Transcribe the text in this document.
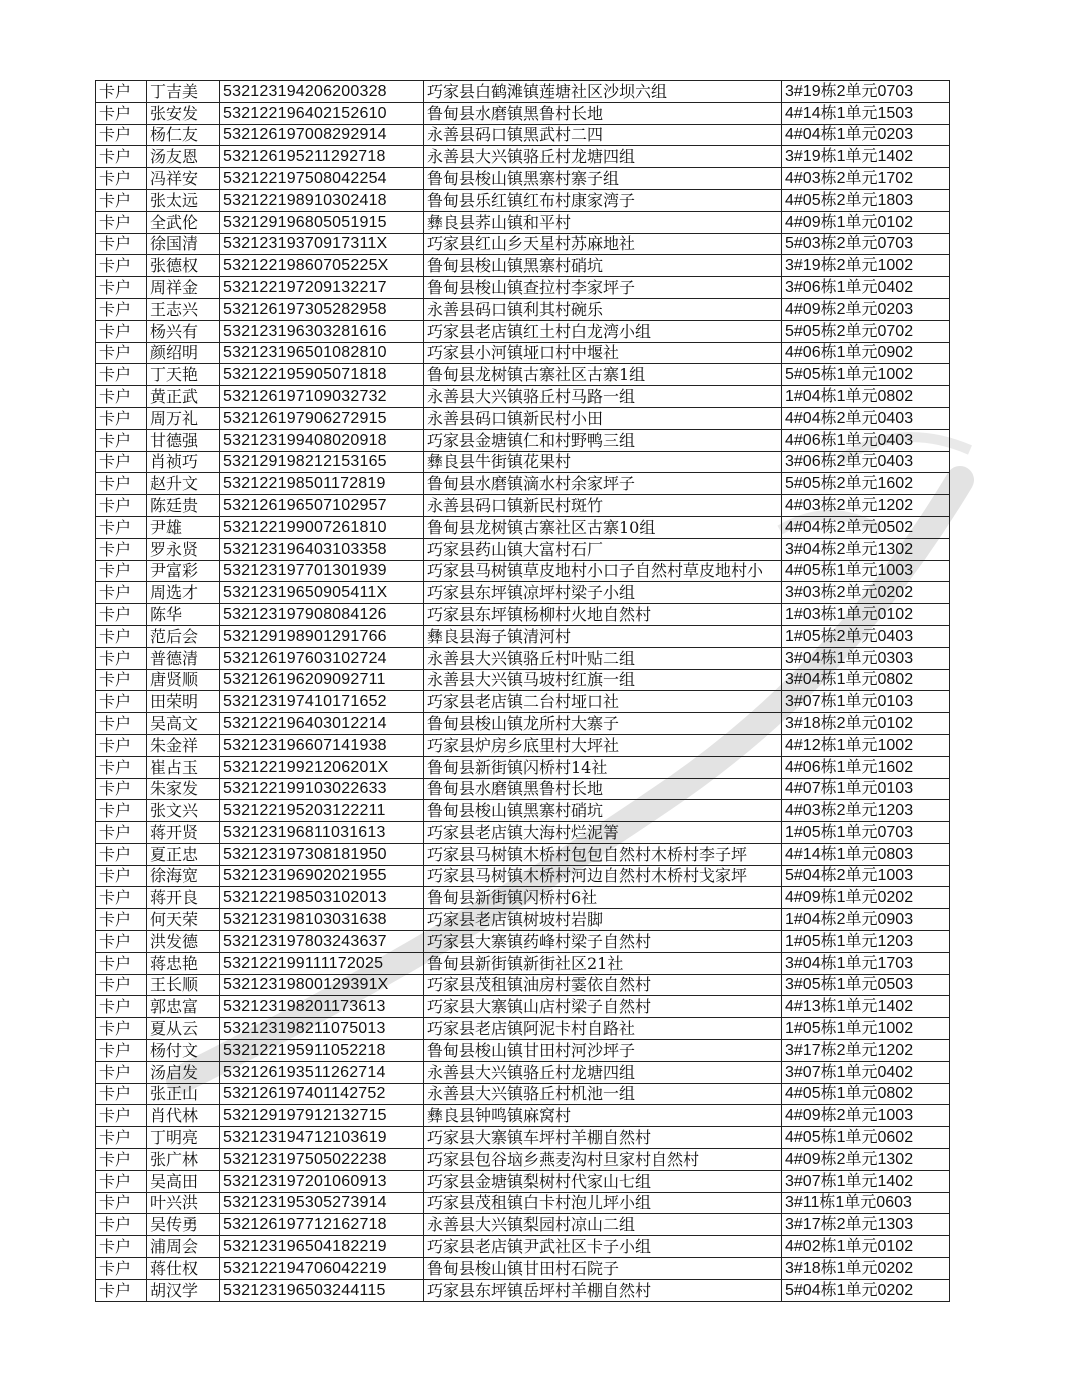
卡户	丁吉美	532123194206200328	巧家县白鹤滩镇莲塘社区沙坝六组	3#19栋2单元0703
卡户	张安发	532122196402152610	鲁甸县水磨镇黑鲁村长地	4#14栋1单元1503
卡户	杨仁友	532126197008292914	永善县码口镇黑武村二四	4#04栋1单元0203
卡户	汤友恩	532126195211292718	永善县大兴镇骆丘村龙塘四组	3#19栋1单元1402
卡户	冯祥安	532122197508042254	鲁甸县梭山镇黑寨村寨子组	4#03栋2单元1702
卡户	张太远	532122198910302418	鲁甸县乐红镇红布村康家湾子	4#05栋2单元1803
卡户	全武伦	532129196805051915	彝良县荞山镇和平村	4#09栋1单元0102
卡户	徐国清	53212319370917311X	巧家县红山乡天星村苏麻地社	5#03栋2单元0703
卡户	张德权	53212219860705225X	鲁甸县梭山镇黑寨村硝坑	3#19栋2单元1002
卡户	周祥金	532122197209132217	鲁甸县梭山镇查拉村李家坪子	3#06栋1单元0402
卡户	王志兴	532126197305282958	永善县码口镇利其村碗乐	4#09栋2单元0203
卡户	杨兴有	532123196303281616	巧家县老店镇红土村白龙湾小组	5#05栋2单元0702
卡户	颜绍明	532123196501082810	巧家县小河镇垭口村中堰社	4#06栋1单元0902
卡户	丁天艳	532122195905071818	鲁甸县龙树镇古寨社区古寨1组	5#05栋1单元1002
卡户	黄正武	532126197109032732	永善县大兴镇骆丘村马路一组	1#04栋1单元0802
卡户	周万礼	532126197906272915	永善县码口镇新民村小田	4#04栋2单元0403
卡户	甘德强	532123199408020918	巧家县金塘镇仁和村野鸭三组	4#06栋1单元0403
卡户	肖祯巧	532129198212153165	彝良县牛街镇花果村	3#06栋2单元0403
卡户	赵升文	532122198501172819	鲁甸县水磨镇滴水村余家坪子	5#05栋2单元1602
卡户	陈廷贵	532126196507102957	永善县码口镇新民村斑竹	4#03栋2单元1202
卡户	尹雄	532122199007261810	鲁甸县龙树镇古寨社区古寨10组	4#04栋2单元0502
卡户	罗永贤	532123196403103358	巧家县药山镇大富村石厂	3#04栋2单元1302
卡户	尹富彩	532123197701301939	巧家县马树镇草皮地村小口子自然村草皮地村小	4#05栋1单元1003
卡户	周选才	53212319650905411X	巧家县东坪镇凉坪村梁子小组	3#03栋2单元0202
卡户	陈华	532123197908084126	巧家县东坪镇杨柳村火地自然村	1#03栋1单元0102
卡户	范后会	532129198901291766	彝良县海子镇清河村	1#05栋2单元0403
卡户	普德清	532126197603102724	永善县大兴镇骆丘村叶贴二组	3#04栋1单元0303
卡户	唐贤顺	532126196209092711	永善县大兴镇马坡村红旗一组	3#04栋1单元0802
卡户	田荣明	532123197410171652	巧家县老店镇二台村垭口社	3#07栋1单元0103
卡户	吴高文	532122196403012214	鲁甸县梭山镇龙所村大寨子	3#18栋2单元0102
卡户	朱金祥	532123196607141938	巧家县炉房乡底里村大坪社	4#12栋1单元1002
卡户	崔占玉	53212219921206201X	鲁甸县新街镇闪桥村14社	4#06栋1单元1602
卡户	朱家发	532122199103022633	鲁甸县水磨镇黑鲁村长地	4#07栋1单元0103
卡户	张文兴	532122195203122211	鲁甸县梭山镇黑寨村硝坑	4#03栋2单元1203
卡户	蒋开贤	532123196811031613	巧家县老店镇大海村烂泥箐	1#05栋1单元0703
卡户	夏正忠	532123197308181950	巧家县马树镇木桥村包包自然村木桥村李子坪	4#14栋1单元0803
卡户	徐海宽	532123196902021955	巧家县马树镇木桥村河边自然村木桥村戈家坪	5#04栋2单元1003
卡户	蒋开良	532122198503102013	鲁甸县新街镇闪桥村6社	4#09栋1单元0202
卡户	何天荣	532123198103031638	巧家县老店镇树坡村岩脚	1#04栋2单元0903
卡户	洪发德	532123197803243637	巧家县大寨镇药峰村梁子自然村	1#05栋1单元1203
卡户	蒋忠艳	532122199111172025	鲁甸县新街镇新街社区21社	3#04栋1单元1703
卡户	王长顺	53212319800129391X	巧家县茂租镇油房村霎依自然村	3#05栋1单元0503
卡户	郭忠富	532123198201173613	巧家县大寨镇山店村梁子自然村	4#13栋1单元1402
卡户	夏从云	532123198211075013	巧家县老店镇阿泥卡村自路社	1#05栋1单元1002
卡户	杨付文	532122195911052218	鲁甸县梭山镇甘田村河沙坪子	3#17栋2单元1202
卡户	汤启发	532126193511262714	永善县大兴镇骆丘村龙塘四组	3#07栋1单元0402
卡户	张正山	532126197401142752	永善县大兴镇骆丘村机池一组	4#05栋1单元0802
卡户	肖代林	532129197912132715	彝良县钟鸣镇麻窝村	4#09栋2单元1003
卡户	丁明亮	532123194712103619	巧家县大寨镇车坪村羊棚自然村	4#05栋1单元0602
卡户	张广林	532123197505022238	巧家县包谷垴乡燕麦沟村旦家村自然村	4#09栋2单元1302
卡户	吴高田	532123197201060913	巧家县金塘镇梨树村代家山七组	3#07栋1单元1402
卡户	叶兴洪	532123195305273914	巧家县茂租镇白卡村泡儿坪小组	3#11栋1单元0603
卡户	吴传勇	532126197712162718	永善县大兴镇梨园村凉山二组	3#17栋2单元1303
卡户	浦周会	532123196504182219	巧家县老店镇尹武社区卡子小组	4#02栋1单元0102
卡户	蒋仕权	532122194706042219	鲁甸县梭山镇甘田村石院子	3#18栋1单元0202
卡户	胡汉学	532123196503244115	巧家县东坪镇岳坪村羊棚自然村	5#04栋1单元0202
